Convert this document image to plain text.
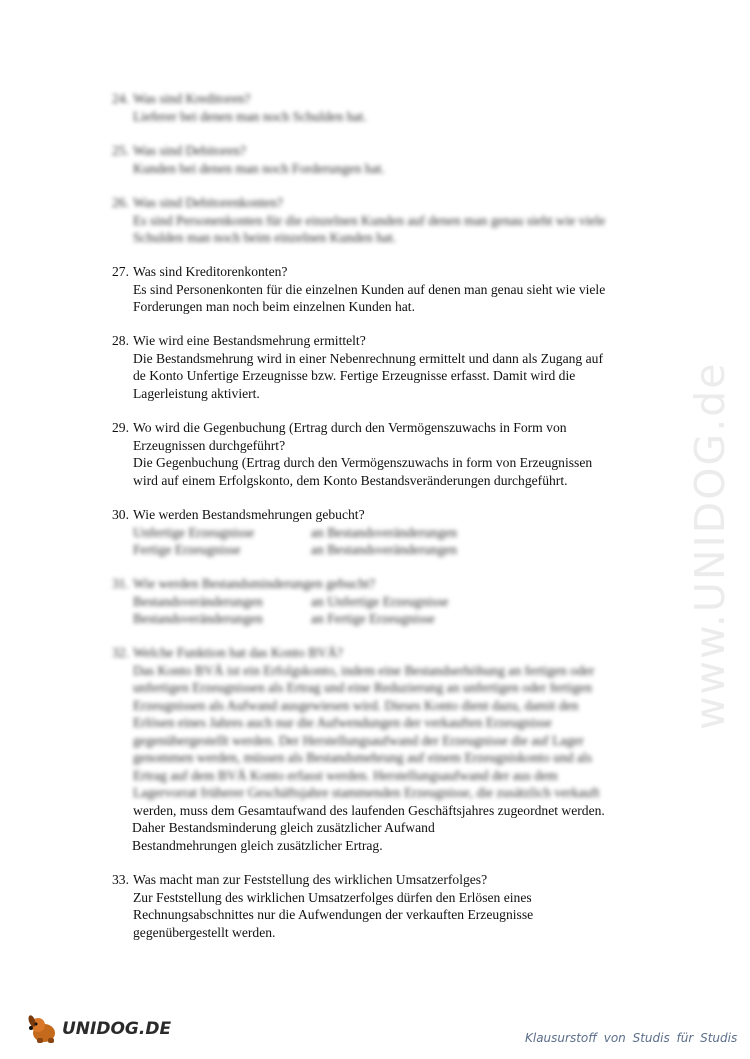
www.UNIDOG.de
24. Was sind Kreditoren?
Lieferer bei denen man noch Schulden hat.
25. Was sind Debitoren?
Kunden bei denen man noch Forderungen hat.
26. Was sind Debitorenkonten?
Es sind Personenkonten für die einzelnen Kunden auf denen man genau sieht wie viele
Schulden man noch beim einzelnen Kunden hat.
27. Was sind Kreditorenkonten?
Es sind Personenkonten für die einzelnen Kunden auf denen man genau sieht wie viele
Forderungen man noch beim einzelnen Kunden hat.
28. Wie wird eine Bestandsmehrung ermittelt?
Die Bestandsmehrung wird in einer Nebenrechnung ermittelt und dann als Zugang auf
de Konto Unfertige Erzeugnisse bzw. Fertige Erzeugnisse erfasst. Damit wird die
Lagerleistung aktiviert.
29. Wo wird die Gegenbuchung (Ertrag durch den Vermögenszuwachs in Form von
Erzeugnissen durchgeführt?
Die Gegenbuchung (Ertrag durch den Vermögenszuwachs in form von Erzeugnissen
wird auf einem Erfolgskonto, dem Konto Bestandsveränderungen durchgeführt.
30. Wie werden Bestandsmehrungen gebucht?
Unfertige Erzeugnisse	an Bestandsveränderungen
Fertige Erzeugnisse	an Bestandsveränderungen
31. Wie werden Bestandsminderungen gebucht?
Bestandsveränderungen	an Unfertige Erzeugnisse
Bestandsveränderungen	an Fertige Erzeugnisse
32. Welche Funktion hat das Konto BVÄ?
Das Konto BVÄ ist ein Erfolgskonto, indem eine Bestandserhöhung an fertigen oder
unfertigen Erzeugnissen als Ertrag und eine Reduzierung an unfertigen oder fertigen
Erzeugnissen als Aufwand ausgewiesen wird. Dieses Konto dient dazu, damit den
Erlösen eines Jahres auch nur die Aufwendungen der verkauften Erzeugnisse
gegenübergestellt werden. Der Herstellungsaufwand der Erzeugnisse die auf Lager
genommen werden, müssen als Bestandsmehrung auf einem Erzeugniskonto und als
Ertrag auf dem BVÄ Konto erfasst werden. Herstellungsaufwand der aus dem
Lagervorrat früherer Geschäftsjahre stammenden Erzeugnisse, die zusätzlich verkauft
werden, muss dem Gesamtaufwand des laufenden Geschäftsjahres zugeordnet werden.
Daher Bestandsminderung gleich zusätzlicher Aufwand
Bestandmehrungen gleich zusätzlicher Ertrag.
33. Was macht man zur Feststellung des wirklichen Umsatzerfolges?
Zur Feststellung des wirklichen Umsatzerfolges dürfen den Erlösen eines
Rechnungsabschnittes nur die Aufwendungen der verkauften Erzeugnisse
gegenübergestellt werden.
UNIDOG.DE	Klausurstoff von Studis für Studis
